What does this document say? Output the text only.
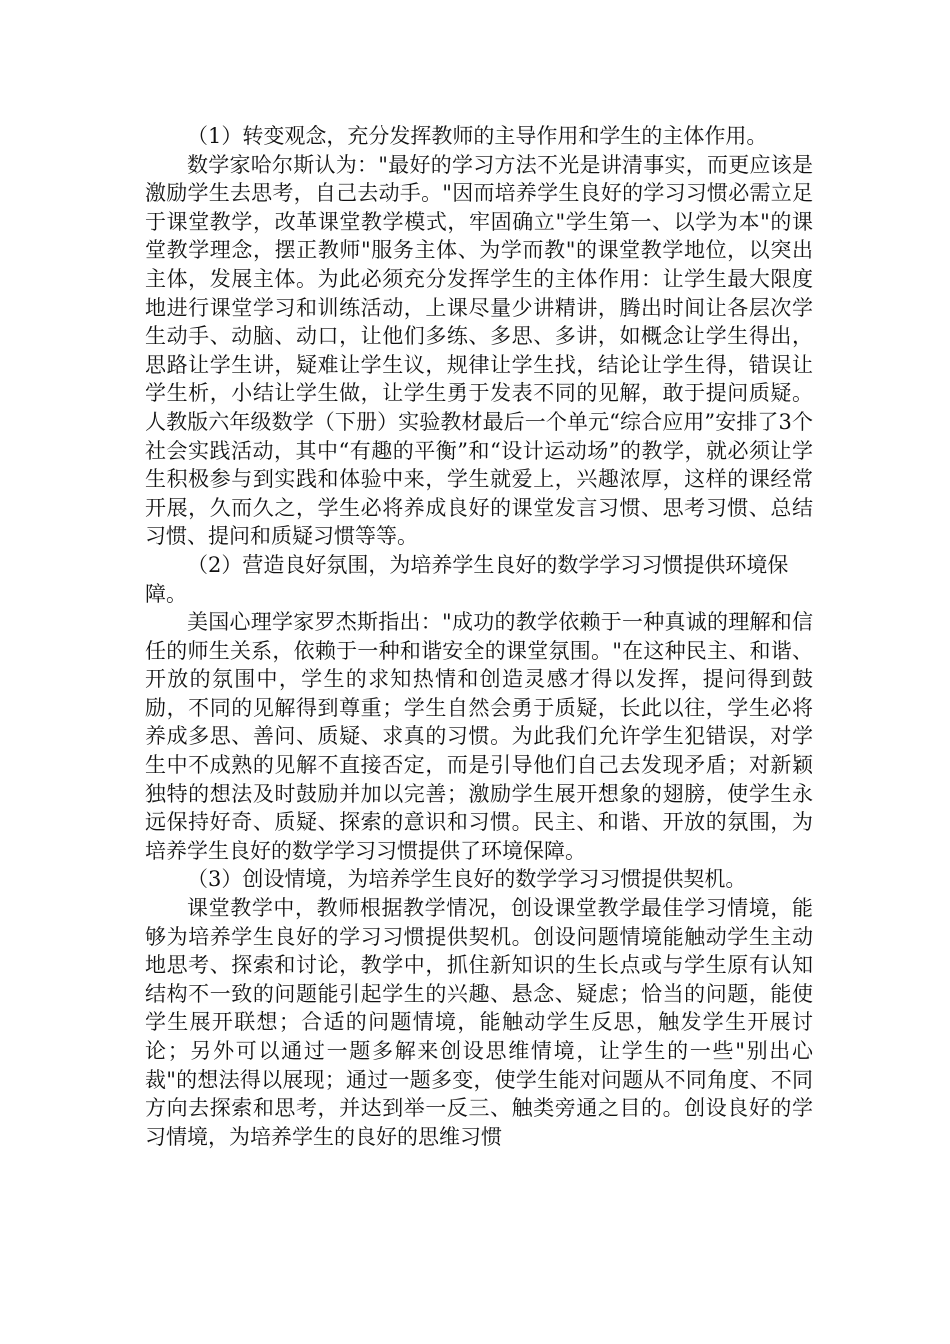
（1）转变观念，充分发挥教师的主导作用和学生的主体作用。

数学家哈尔斯认为："最好的学习方法不光是讲清事实，而更应该是激励学生去思考，自己去动手。"因而培养学生良好的学习习惯必需立足于课堂教学，改革课堂教学模式，牢固确立"学生第一、以学为本"的课堂教学理念，摆正教师"服务主体、为学而教"的课堂教学地位，以突出主体，发展主体。为此必须充分发挥学生的主体作用：让学生最大限度地进行课堂学习和训练活动，上课尽量少讲精讲，腾出时间让各层次学生动手、动脑、动口，让他们多练、多思、多讲，如概念让学生得出，思路让学生讲，疑难让学生议，规律让学生找，结论让学生得，错误让学生析，小结让学生做，让学生勇于发表不同的见解，敢于提问质疑。人教版六年级数学（下册）实验教材最后一个单元“综合应用”安排了3个社会实践活动，其中“有趣的平衡”和“设计运动场”的教学，就必须让学生积极参与到实践和体验中来，学生就爱上，兴趣浓厚，这样的课经常开展，久而久之，学生必将养成良好的课堂发言习惯、思考习惯、总结习惯、提问和质疑习惯等等。

（2）营造良好氛围，为培养学生良好的数学学习习惯提供环境保障。

美国心理学家罗杰斯指出："成功的教学依赖于一种真诚的理解和信任的师生关系，依赖于一种和谐安全的课堂氛围。"在这种民主、和谐、开放的氛围中，学生的求知热情和创造灵感才得以发挥，提问得到鼓励，不同的见解得到尊重；学生自然会勇于质疑，长此以往，学生必将养成多思、善问、质疑、求真的习惯。为此我们允许学生犯错误，对学生中不成熟的见解不直接否定，而是引导他们自己去发现矛盾；对新颖独特的想法及时鼓励并加以完善；激励学生展开想象的翅膀，使学生永远保持好奇、质疑、探索的意识和习惯。民主、和谐、开放的氛围，为培养学生良好的数学学习习惯提供了环境保障。

（3）创设情境，为培养学生良好的数学学习习惯提供契机。

课堂教学中，教师根据教学情况，创设课堂教学最佳学习情境，能够为培养学生良好的学习习惯提供契机。创设问题情境能触动学生主动地思考、探索和讨论，教学中，抓住新知识的生长点或与学生原有认知结构不一致的问题能引起学生的兴趣、悬念、疑虑；恰当的问题，能使学生展开联想；合适的问题情境，能触动学生反思，触发学生开展讨论；另外可以通过一题多解来创设思维情境，让学生的一些"别出心裁"的想法得以展现；通过一题多变，使学生能对问题从不同角度、不同方向去探索和思考，并达到举一反三、触类旁通之目的。创设良好的学习情境，为培养学生的良好的思维习惯
